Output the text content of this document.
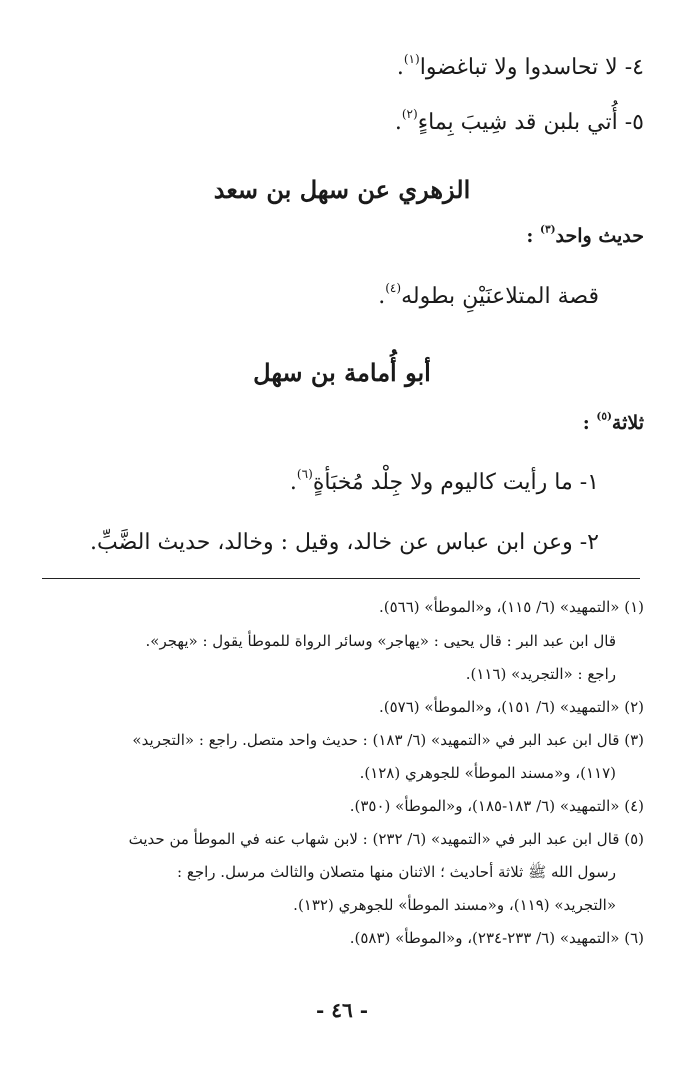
٤- لا تحاسدوا ولا تباغضوا$^{(١)}$.
٥- أُتي بلبن قد شِيبَ بِماءٍ$^{(٢)}$.
الزهري عن سهل بن سعد
حديث واحد$^{(٣)}$ :
قصة المتلاعنَيْنِ بطوله$^{(٤)}$.
أبو أُمامة بن سهل
ثلاثة$^{(٥)}$ :
١- ما رأيت كاليوم ولا جِلْد مُخبَأةٍ$^{(٦)}$.
٢- وعن ابن عباس عن خالد، وقيل : وخالد، حديث الضَّبِّ.
(١) «التمهيد» (٦/ ١١٥)، و«الموطأ» (٥٦٦).
قال ابن عبد البر : قال يحيى : «يهاجر» وسائر الرواة للموطأ يقول : «يهجر».
راجع : «التجريد» (١١٦).
(٢) «التمهيد» (٦/ ١٥١)، و«الموطأ» (٥٧٦).
(٣) قال ابن عبد البر في «التمهيد» (٦/ ١٨٣) : حديث واحد متصل. راجع : «التجريد»
(١١٧)، و«مسند الموطأ» للجوهري (١٢٨).
(٤) «التمهيد» (٦/ ١٨٣-١٨٥)، و«الموطأ» (٣٥٠).
(٥) قال ابن عبد البر في «التمهيد» (٦/ ٢٣٢) : لابن شهاب عنه في الموطأ من حديث
رسول الله ﷺ ثلاثة أحاديث ؛ الاثنان منها متصلان والثالث مرسل. راجع :
«التجريد» (١١٩)، و«مسند الموطأ» للجوهري (١٣٢).
(٦) «التمهيد» (٦/ ٢٣٣-٢٣٤)، و«الموطأ» (٥٨٣).
- ٤٦ -
